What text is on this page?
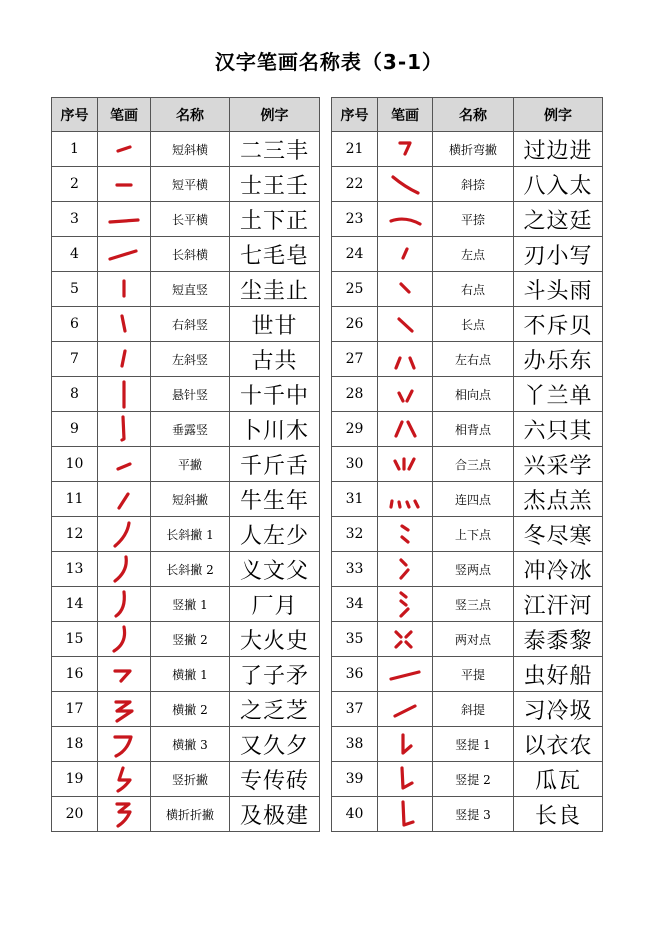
汉字笔画名称表（3-1）
序号	笔画	名称	例字
1		短斜横	二三丰
2		短平横	士王壬
3		长平横	土下正
4		长斜横	七毛皂
5		短直竖	尘圭止
6		右斜竖	世甘
7		左斜竖	古共
8		悬针竖	十千中
9		垂露竖	卜川木
10		平撇	千斤舌
11		短斜撇	牛生年
12		长斜撇 1	人左少
13		长斜撇 2	义文父
14		竖撇 1	厂月
15		竖撇 2	大火史
16		横撇 1	了子矛
17		横撇 2	之乏芝
18		横撇 3	又久夕
19		竖折撇	专传砖
20		横折折撇	及极建
序号	笔画	名称	例字
21		横折弯撇	过边进
22		斜捺	八入太
23		平捺	之这廷
24		左点	刃小写
25		右点	斗头雨
26		长点	不斥贝
27		左右点	办乐东
28		相向点	丫兰单
29		相背点	六只其
30		合三点	兴采学
31		连四点	杰点羔
32		上下点	冬尽寒
33		竖两点	冲冷冰
34		竖三点	江汗河
35		两对点	泰黍黎
36		平提	虫好船
37		斜提	习冷圾
38		竖提 1	以衣农
39		竖提 2	瓜瓦
40		竖提 3	长良
